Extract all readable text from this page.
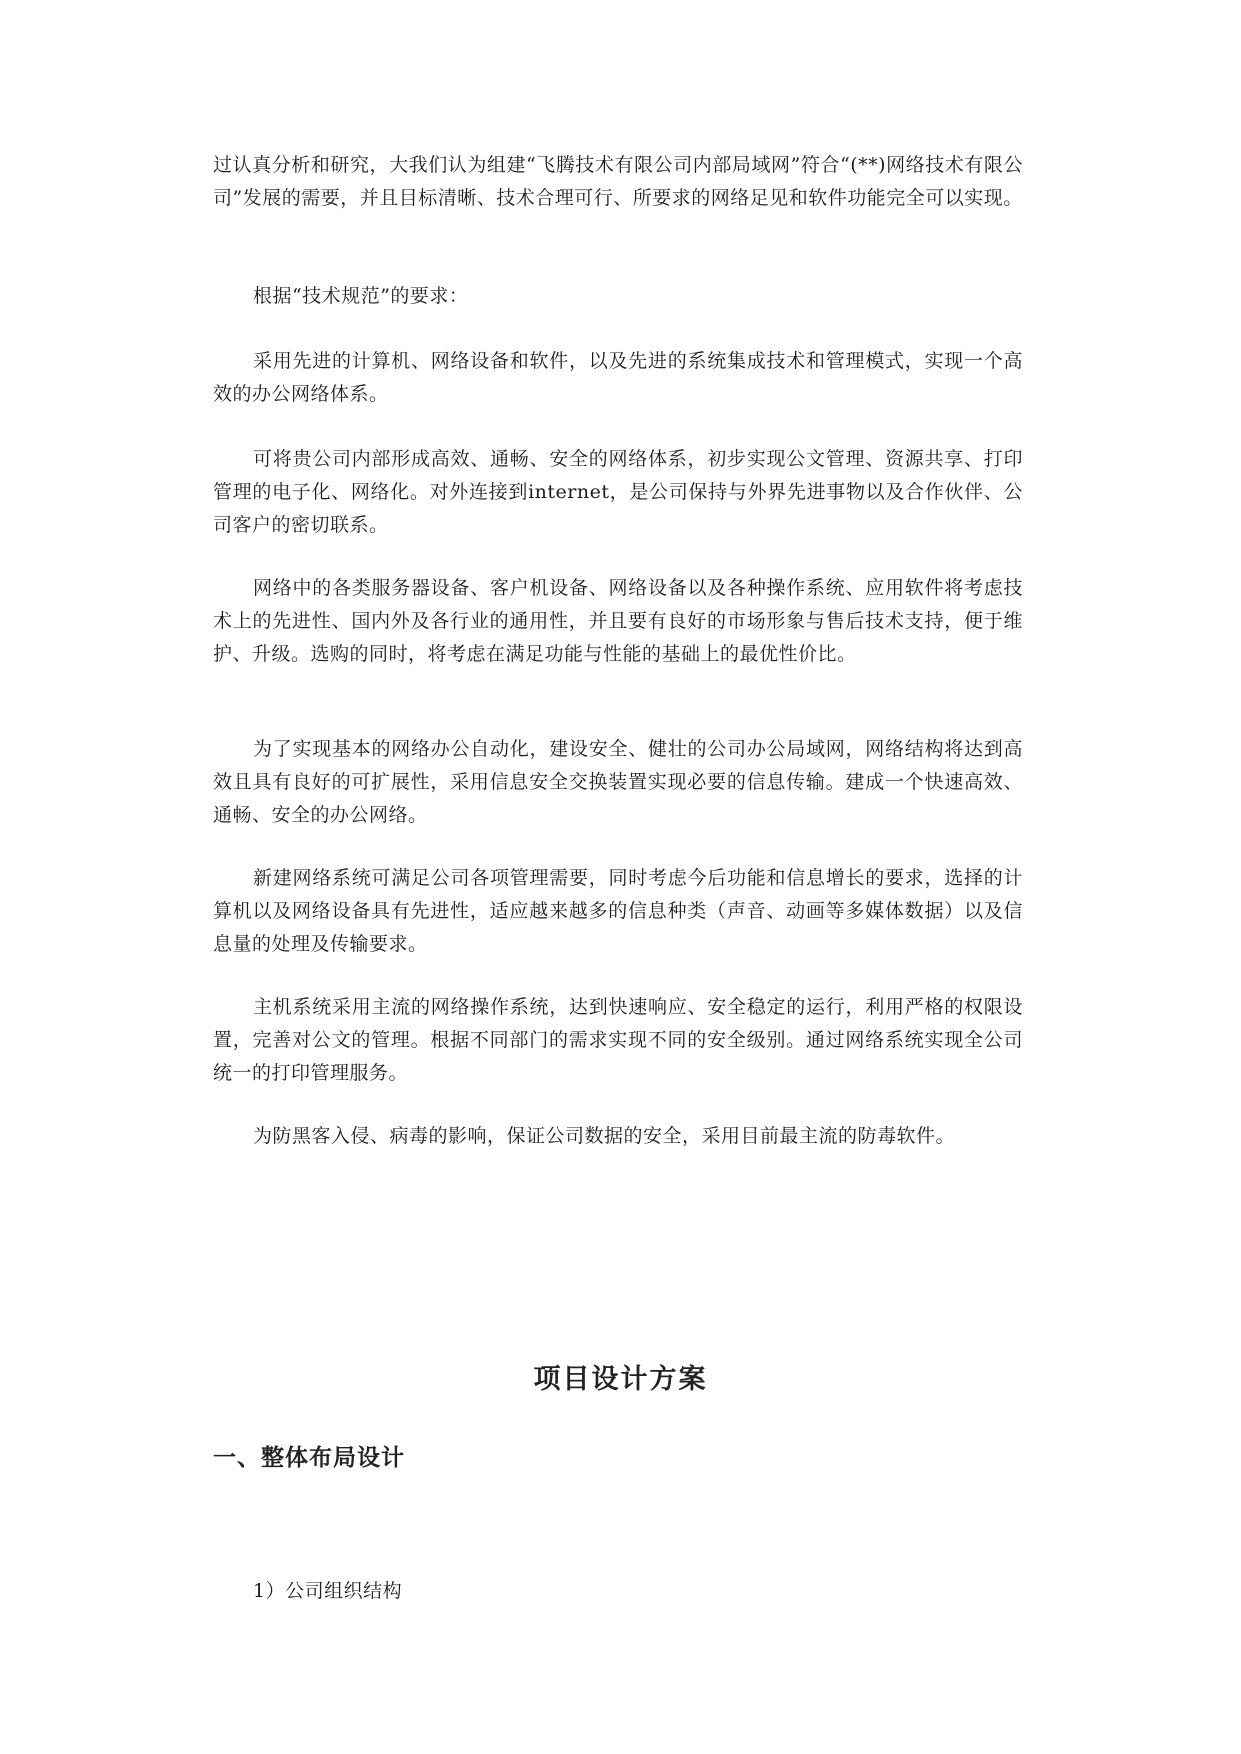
过认真分析和研究，大我们认为组建“飞腾技术有限公司内部局域网”符合“(**)网络技术有限公司”发展的需要，并且目标清晰、技术合理可行、所要求的网络足见和软件功能完全可以实现。

根据“技术规范”的要求：

采用先进的计算机、网络设备和软件，以及先进的系统集成技术和管理模式，实现一个高效的办公网络体系。

可将贵公司内部形成高效、通畅、安全的网络体系，初步实现公文管理、资源共享、打印管理的电子化、网络化。对外连接到internet，是公司保持与外界先进事物以及合作伙伴、公司客户的密切联系。

网络中的各类服务器设备、客户机设备、网络设备以及各种操作系统、应用软件将考虑技术上的先进性、国内外及各行业的通用性，并且要有良好的市场形象与售后技术支持，便于维护、升级。选购的同时，将考虑在满足功能与性能的基础上的最优性价比。

为了实现基本的网络办公自动化，建设安全、健壮的公司办公局域网，网络结构将达到高效且具有良好的可扩展性，采用信息安全交换装置实现必要的信息传输。建成一个快速高效、通畅、安全的办公网络。

新建网络系统可满足公司各项管理需要，同时考虑今后功能和信息增长的要求，选择的计算机以及网络设备具有先进性，适应越来越多的信息种类（声音、动画等多媒体数据）以及信息量的处理及传输要求。

主机系统采用主流的网络操作系统，达到快速响应、安全稳定的运行，利用严格的权限设置，完善对公文的管理。根据不同部门的需求实现不同的安全级别。通过网络系统实现全公司统一的打印管理服务。

为防黑客入侵、病毒的影响，保证公司数据的安全，采用目前最主流的防毒软件。

项目设计方案
一、整体布局设计

1）公司组织结构
